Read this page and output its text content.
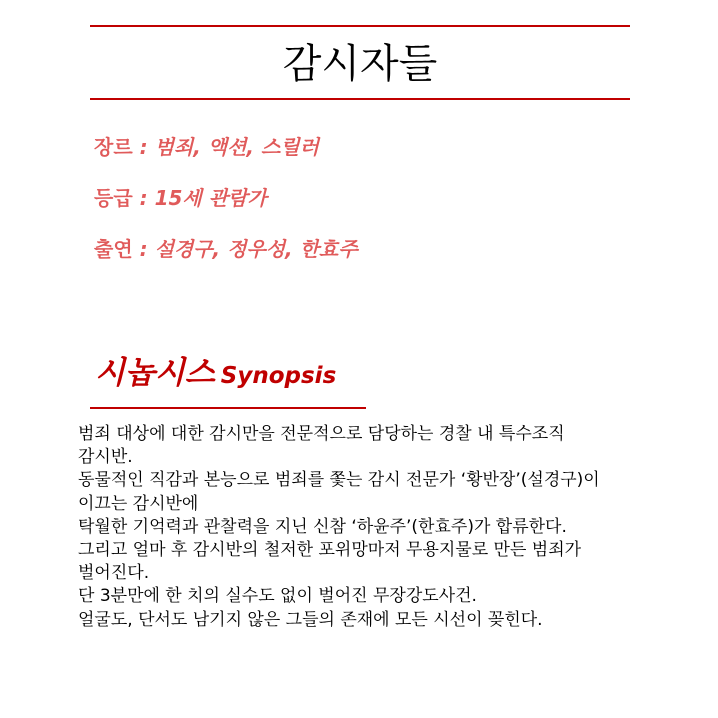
감시자들
장르 : 범죄, 액션, 스릴러
등급 : 15세 관람가
출연 : 설경구, 정우성, 한효주
시놉시스 Synopsis

범죄 대상에 대한 감시만을 전문적으로 담당하는 경찰 내 특수조직

감시반.

동물적인 직감과 본능으로 범죄를 쫓는 감시 전문가 ‘황반장’(설경구)이

이끄는 감시반에

탁월한 기억력과 관찰력을 지닌 신참 ‘하윤주’(한효주)가 합류한다.

그리고 얼마 후 감시반의 철저한 포위망마저 무용지물로 만든 범죄가

벌어진다.

단 3분만에 한 치의 실수도 없이 벌어진 무장강도사건.

얼굴도, 단서도 남기지 않은 그들의 존재에 모든 시선이 꽂힌다.
